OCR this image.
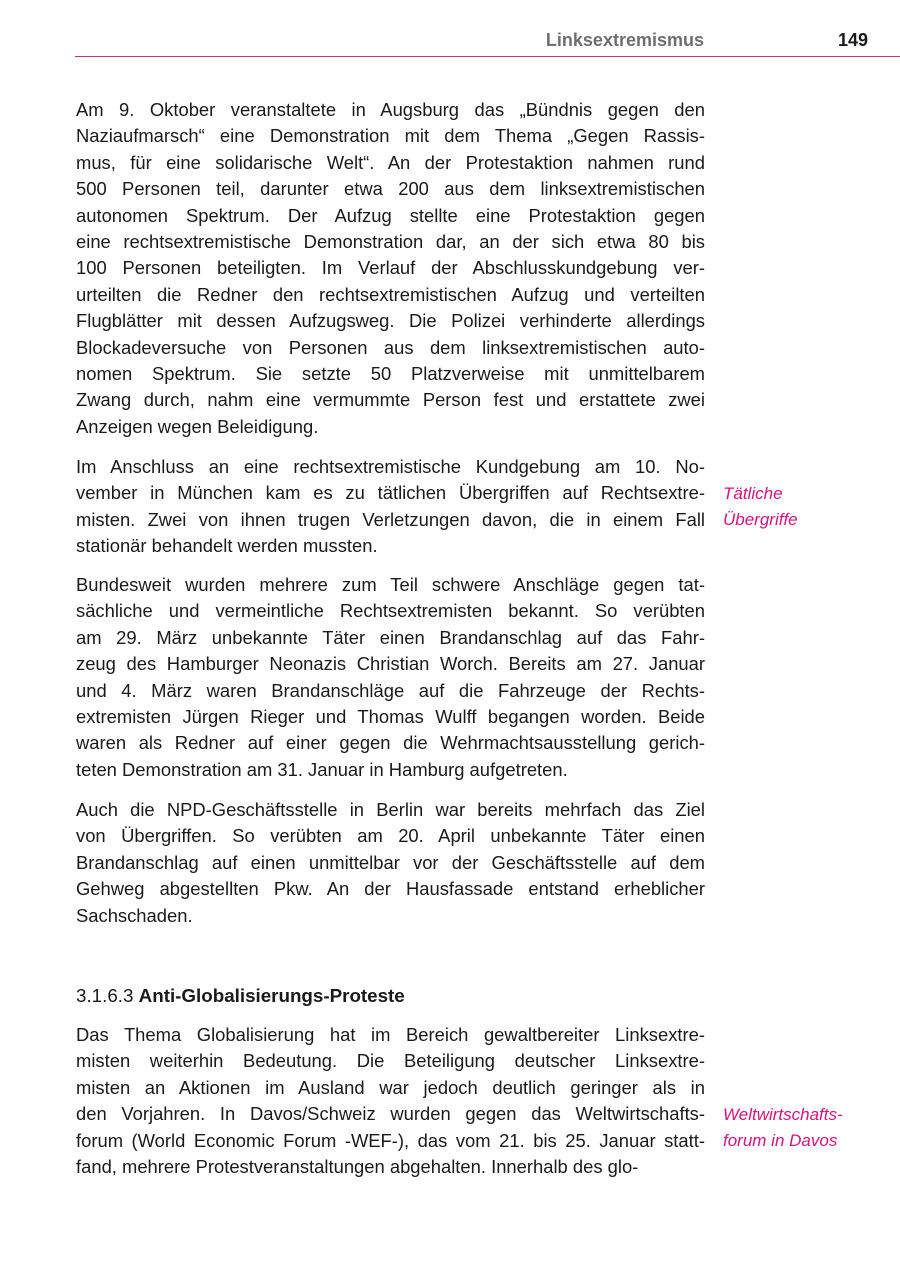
Linksextremismus	149
Am 9. Oktober veranstaltete in Augsburg das „Bündnis gegen den
Naziaufmarsch“ eine Demonstration mit dem Thema „Gegen Rassis-
mus, für eine solidarische Welt“. An der Protestaktion nahmen rund
500 Personen teil, darunter etwa 200 aus dem linksextremistischen
autonomen Spektrum. Der Aufzug stellte eine Protestaktion gegen
eine rechtsextremistische Demonstration dar, an der sich etwa 80 bis
100 Personen beteiligten. Im Verlauf der Abschlusskundgebung ver-
urteilten die Redner den rechtsextremistischen Aufzug und verteilten
Flugblätter mit dessen Aufzugsweg. Die Polizei verhinderte allerdings
Blockadeversuche von Personen aus dem linksextremistischen auto-
nomen Spektrum. Sie setzte 50 Platzverweise mit unmittelbarem
Zwang durch, nahm eine vermummte Person fest und erstattete zwei
Anzeigen wegen Beleidigung.
Im Anschluss an eine rechtsextremistische Kundgebung am 10. No-
vember in München kam es zu tätlichen Übergriffen auf Rechtsextre-
misten. Zwei von ihnen trugen Verletzungen davon, die in einem Fall
stationär behandelt werden mussten.
Bundesweit wurden mehrere zum Teil schwere Anschläge gegen tat-
sächliche und vermeintliche Rechtsextremisten bekannt. So verübten
am 29. März unbekannte Täter einen Brandanschlag auf das Fahr-
zeug des Hamburger Neonazis Christian Worch. Bereits am 27. Januar
und 4. März waren Brandanschläge auf die Fahrzeuge der Rechts-
extremisten Jürgen Rieger und Thomas Wulff begangen worden. Beide
waren als Redner auf einer gegen die Wehrmachtsausstellung gerich-
teten Demonstration am 31. Januar in Hamburg aufgetreten.
Auch die NPD-Geschäftsstelle in Berlin war bereits mehrfach das Ziel
von Übergriffen. So verübten am 20. April unbekannte Täter einen
Brandanschlag auf einen unmittelbar vor der Geschäftsstelle auf dem
Gehweg abgestellten Pkw. An der Hausfassade entstand erheblicher
Sachschaden.
3.1.6.3 Anti-Globalisierungs-Proteste
Das Thema Globalisierung hat im Bereich gewaltbereiter Linksextre-
misten weiterhin Bedeutung. Die Beteiligung deutscher Linksextre-
misten an Aktionen im Ausland war jedoch deutlich geringer als in
den Vorjahren. In Davos/Schweiz wurden gegen das Weltwirtschafts-
forum (World Economic Forum -WEF-), das vom 21. bis 25. Januar statt-
fand, mehrere Protestveranstaltungen abgehalten. Innerhalb des glo-
Tätliche
Übergriffe
Weltwirtschafts-
forum in Davos
